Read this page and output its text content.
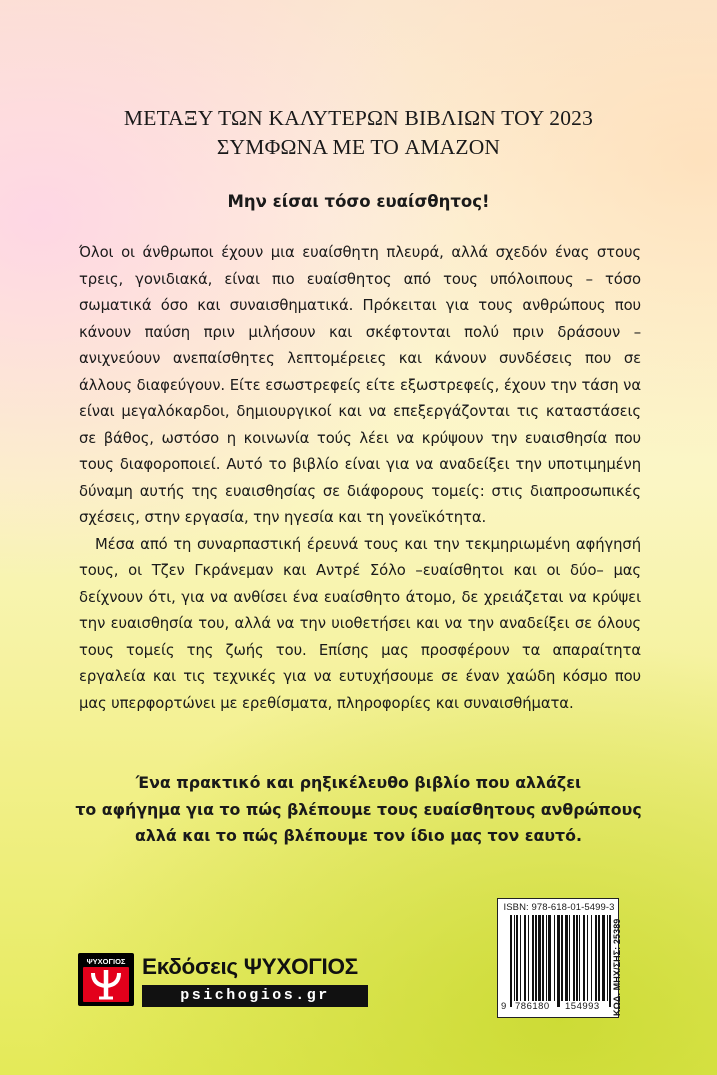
ΜΕΤΑΞΥ ΤΩΝ ΚΑΛΥΤΕΡΩΝ ΒΙΒΛΙΩΝ ΤΟΥ 2023
ΣΥΜΦΩΝΑ ΜΕ ΤΟ AMAZON
Μην είσαι τόσο ευαίσθητος!

Όλοι οι άνθρωποι έχουν μια ευαίσθητη πλευρά, αλλά σχεδόν ένας στους τρεις, γονιδιακά, είναι πιο ευαίσθητος από τους υπόλοιπους – τόσο σωματικά όσο και συναισθηματικά. Πρόκειται για τους ανθρώπους που κάνουν παύση πριν μιλήσουν και σκέφτονται πολύ πριν δράσουν – ανιχνεύουν ανεπαίσθητες λεπτομέρειες και κάνουν συνδέσεις που σε άλλους διαφεύγουν. Είτε εσωστρεφείς είτε εξωστρεφείς, έχουν την τάση να είναι μεγαλόκαρδοι, δημιουργικοί και να επεξεργάζονται τις καταστάσεις σε βάθος, ωστόσο η κοινωνία τούς λέει να κρύψουν την ευαισθησία που τους διαφοροποιεί. Αυτό το βιβλίο είναι για να αναδείξει την υποτιμημένη δύναμη αυτής της ευαισθησίας σε διάφορους τομείς: στις διαπροσωπικές σχέσεις, στην εργασία, την ηγεσία και τη γονεϊκότητα.

Μέσα από τη συναρπαστική έρευνά τους και την τεκμηριωμένη αφήγησή τους, οι Τζεν Γκράνεμαν και Αντρέ Σόλο –ευαίσθητοι και οι δύο– μας δείχνουν ότι, για να ανθίσει ένα ευαίσθητο άτομο, δε χρειάζεται να κρύψει την ευαισθησία του, αλλά να την υιοθετήσει και να την αναδείξει σε όλους τους τομείς της ζωής του. Επίσης μας προσφέρουν τα απαραίτητα εργαλεία και τις τεχνικές για να ευτυχήσουμε σε έναν χαώδη κόσμο που μας υπερφορτώνει με ερεθίσματα, πληροφορίες και συναισθήματα.

Ένα πρακτικό και ρηξικέλευθο βιβλίο που αλλάζει
το αφήγημα για το πώς βλέπουμε τους ευαίσθητους ανθρώπους
αλλά και το πώς βλέπουμε τον ίδιο μας τον εαυτό.
ΨΥΧΟΓΙΟΣ Εκδόσεις ΨΥΧΟΓΙΟΣ
psichogios.gr
ISBN: 978-618-01-5499-3
9 786180 154993 ΚΩΔ. ΜΗΧ/ΣΗΣ: 25389
